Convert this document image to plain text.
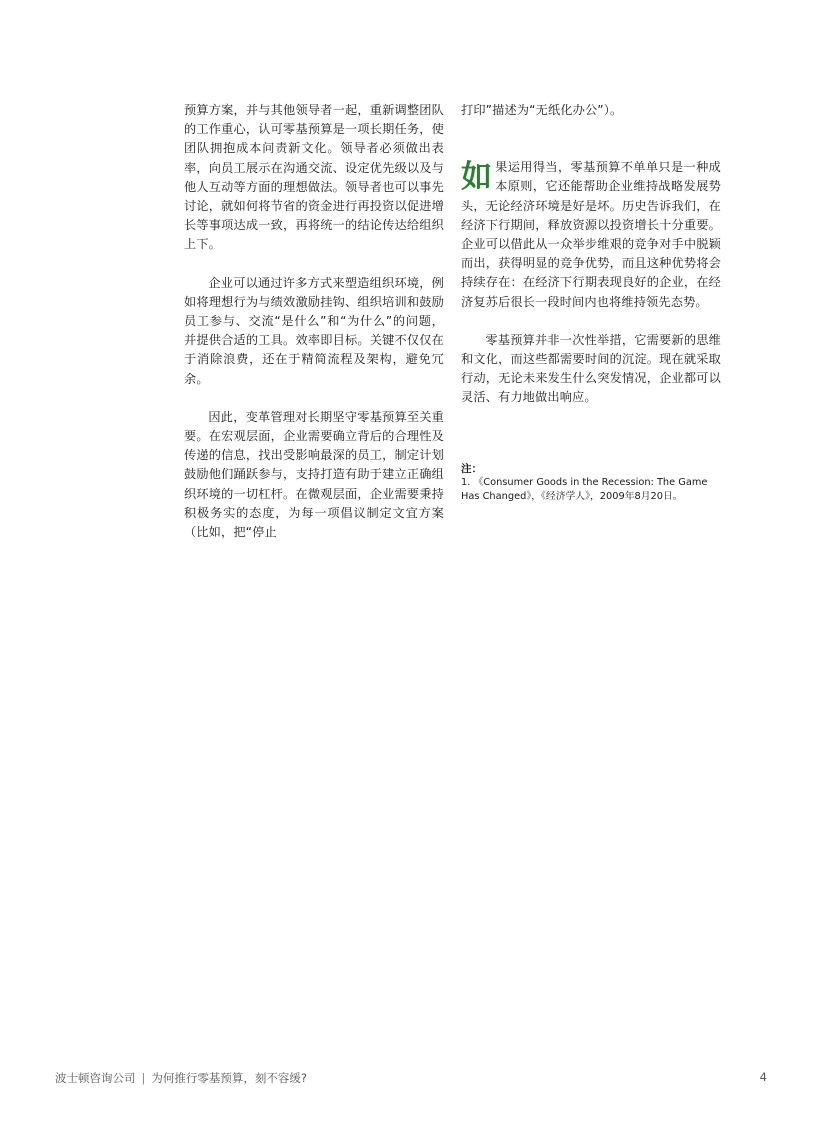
预算方案，并与其他领导者一起，重新调整团队的工作重心，认可零基预算是一项长期任务，使团队拥抱成本问责新文化。领导者必须做出表率，向员工展示在沟通交流、设定优先级以及与他人互动等方面的理想做法。领导者也可以事先讨论，就如何将节省的资金进行再投资以促进增长等事项达成一致，再将统一的结论传达给组织上下。

企业可以通过许多方式来塑造组织环境，例如将理想行为与绩效激励挂钩、组织培训和鼓励员工参与、交流“是什么”和“为什么”的问题，并提供合适的工具。效率即目标。关键不仅仅在于消除浪费，还在于精简流程及架构，避免冗余。

因此，变革管理对长期坚守零基预算至关重要。在宏观层面，企业需要确立背后的合理性及传递的信息，找出受影响最深的员工，制定计划鼓励他们踊跃参与，支持打造有助于建立正确组织环境的一切杠杆。在微观层面，企业需要秉持积极务实的态度，为每一项倡议制定文宜方案（比如，把“停止

打印”描述为“无纸化办公”）。

如果运用得当，零基预算不单单只是一种成本原则，它还能帮助企业维持战略发展势头，无论经济环境是好是坏。历史告诉我们，在经济下行期间，释放资源以投资增长十分重要。企业可以借此从一众举步维艰的竞争对手中脱颖而出，获得明显的竞争优势，而且这种优势将会持续存在：在经济下行期表现良好的企业，在经济复苏后很长一段时间内也将维持领先态势。

零基预算并非一次性举措，它需要新的思维和文化，而这些都需要时间的沉淀。现在就采取行动，无论未来发生什么突发情况，企业都可以灵活、有力地做出响应。

注：

1. 《Consumer Goods in the Recession: The Game Has Changed》，《经济学人》，2009年8月20日。

波士顿咨询公司 | 为何推行零基预算，刻不容缓?	4
